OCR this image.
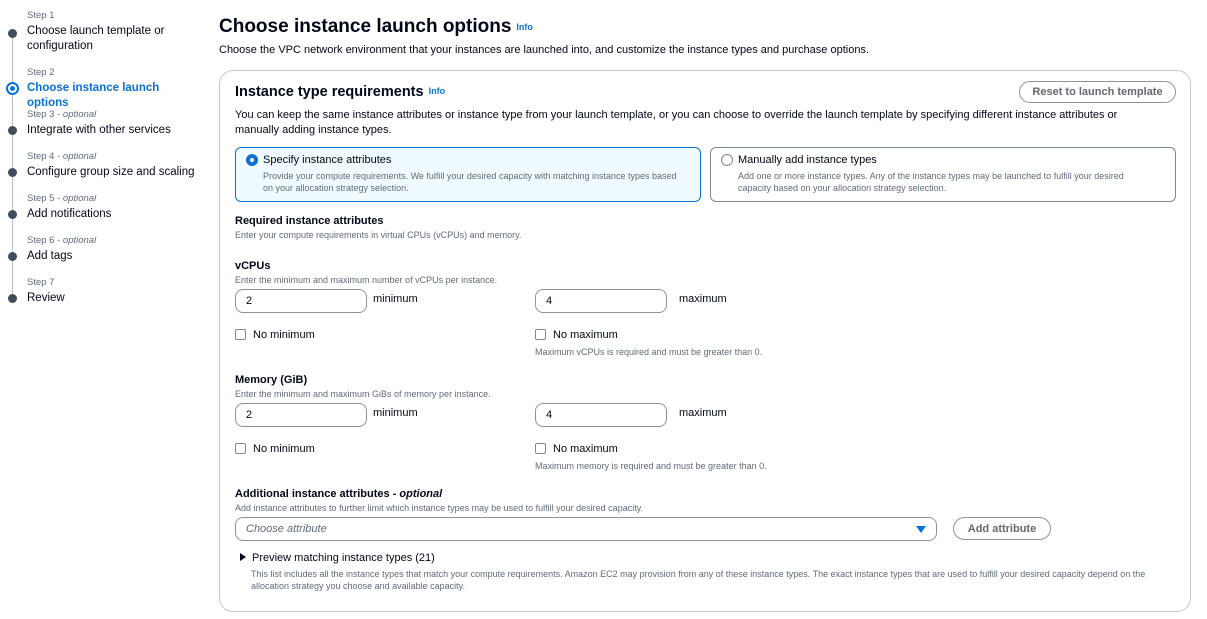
Step 1
Choose launch template or configuration
Step 2
Choose instance launch options
Step 3 - optional
Integrate with other services
Step 4 - optional
Configure group size and scaling
Step 5 - optional
Add notifications
Step 6 - optional
Add tags
Step 7
Review
Choose instance launch options Info

Choose the VPC network environment that your instances are launched into, and customize the instance types and purchase options.

Instance type requirements Info	Reset to launch template

You can keep the same instance attributes or instance type from your launch template, or you can choose to override the launch template by specifying different instance attributes or manually adding instance types.

Specify instance attributes
Provide your compute requirements. We fulfill your desired capacity with matching instance types based on your allocation strategy selection.
Manually add instance types
Add one or more instance types. Any of the instance types may be launched to fulfill your desired capacity based on your allocation strategy selection.
Required instance attributes
Enter your compute requirements in virtual CPUs (vCPUs) and memory.
vCPUs
Enter the minimum and maximum number of vCPUs per instance.
2	minimum	4	maximum
No minimum	No maximum
Maximum vCPUs is required and must be greater than 0.
Memory (GiB)
Enter the minimum and maximum GiBs of memory per instance.
2	minimum	4	maximum
No minimum	No maximum
Maximum memory is required and must be greater than 0.
Additional instance attributes - optional
Add instance attributes to further limit which instance types may be used to fulfill your desired capacity.
Choose attribute	Add attribute
Preview matching instance types (21)

This list includes all the instance types that match your compute requirements. Amazon EC2 may provision from any of these instance types. The exact instance types that are used to fulfill your desired capacity depend on the allocation strategy you choose and available capacity.
